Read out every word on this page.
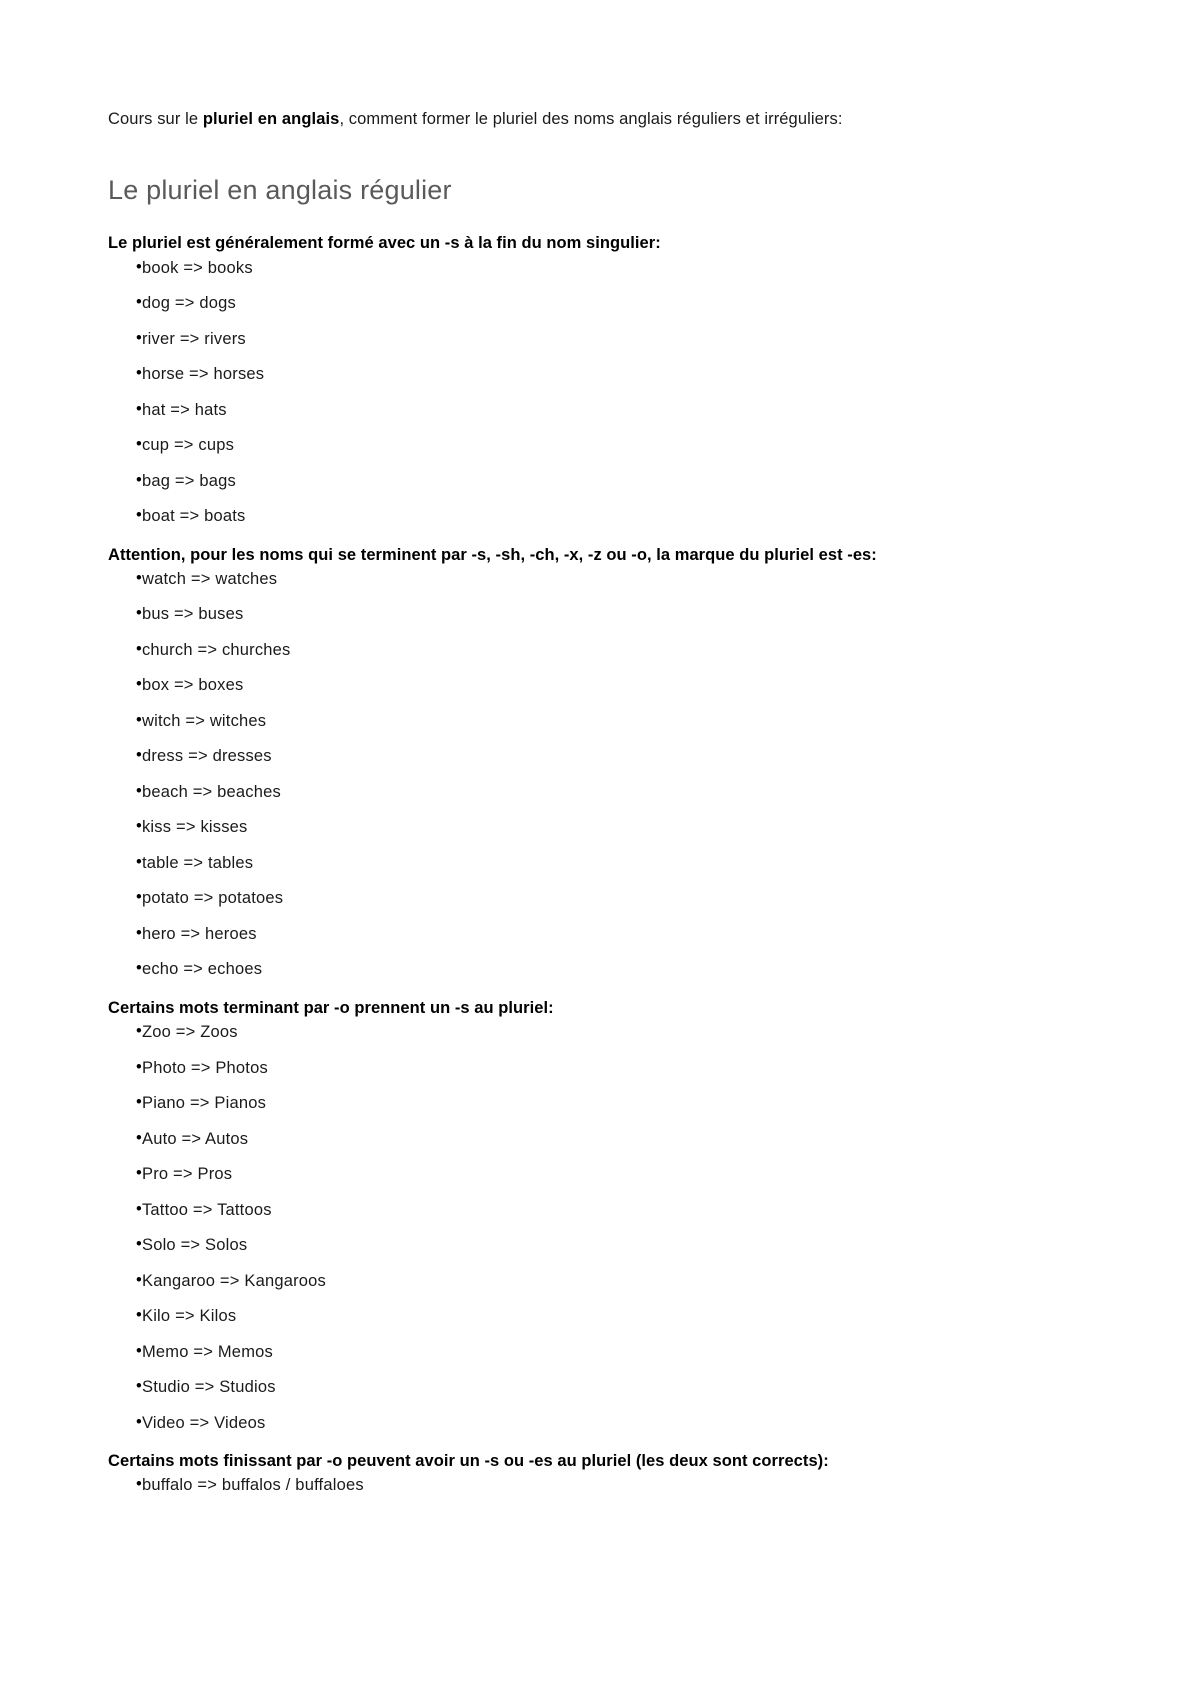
Cours sur le pluriel en anglais, comment former le pluriel des noms anglais réguliers et irréguliers:

Le pluriel en anglais régulier
Le pluriel est généralement formé avec un -s à la fin du nom singulier:
•book => books
•dog => dogs
•river => rivers
•horse => horses
•hat => hats
•cup => cups
•bag => bags
•boat => boats
Attention, pour les noms qui se terminent par -s, -sh, -ch, -x, -z ou -o, la marque du pluriel est -es:
•watch => watches
•bus => buses
•church => churches
•box => boxes
•witch => witches
•dress => dresses
•beach => beaches
•kiss => kisses
•table => tables
•potato => potatoes
•hero => heroes
•echo => echoes
Certains mots terminant par -o prennent un -s au pluriel:
•Zoo => Zoos
•Photo => Photos
•Piano => Pianos
•Auto => Autos
•Pro => Pros
•Tattoo => Tattoos
•Solo => Solos
•Kangaroo => Kangaroos
•Kilo => Kilos
•Memo => Memos
•Studio => Studios
•Video => Videos
Certains mots finissant par -o peuvent avoir un -s ou -es au pluriel (les deux sont corrects):
•buffalo => buffalos / buffaloes
